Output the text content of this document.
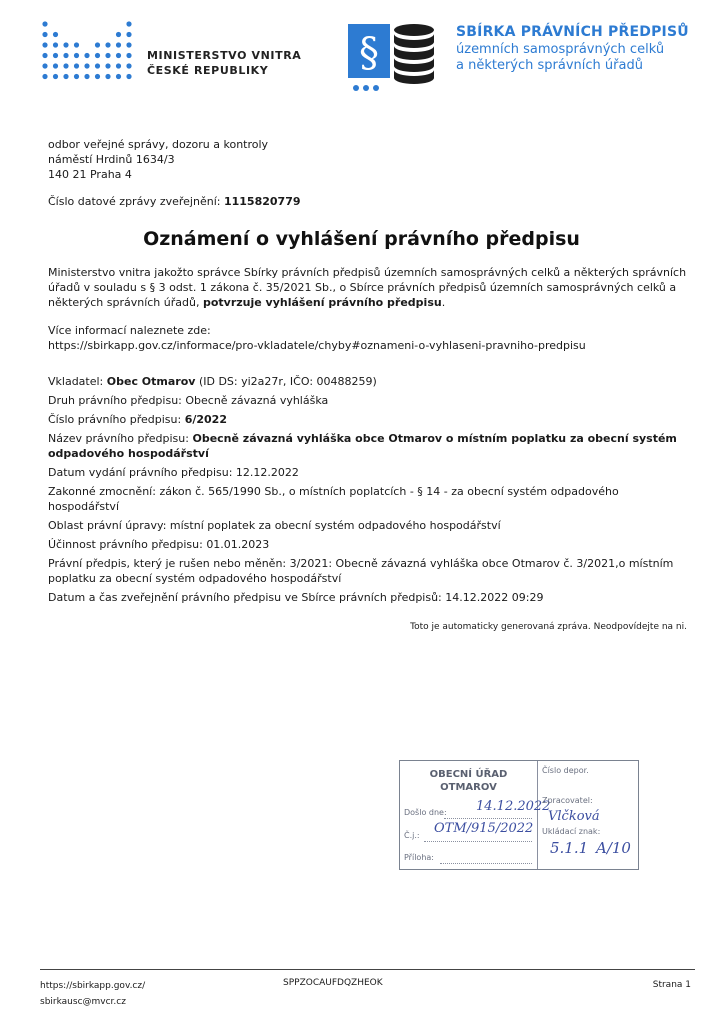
MINISTERSTVO VNITRA
ČESKÉ REPUBLIKY	§	SBÍRKA PRÁVNÍCH PŘEDPISŮ
územních samosprávných celků
a některých správních úřadů
odbor veřejné správy, dozoru a kontroly
náměstí Hrdinů 1634/3
140 21 Praha 4
Číslo datové zprávy zveřejnění: 1115820779
Oznámení o vyhlášení právního předpisu
Ministerstvo vnitra jakožto správce Sbírky právních předpisů územních samosprávných celků a některých správních úřadů v souladu s § 3 odst. 1 zákona č. 35/2021 Sb., o Sbírce právních předpisů územních samosprávných celků a některých správních úřadů, potvrzuje vyhlášení právního předpisu.
Více informací naleznete zde:
https://sbirkapp.gov.cz/informace/pro-vkladatele/chyby#oznameni-o-vyhlaseni-pravniho-predpisu
Vkladatel: Obec Otmarov (ID DS: yi2a27r, IČO: 00488259)
Druh právního předpisu: Obecně závazná vyhláška
Číslo právního předpisu: 6/2022
Název právního předpisu: Obecně závazná vyhláška obce Otmarov o místním poplatku za obecní systém odpadového hospodářství
Datum vydání právního předpisu: 12.12.2022
Zakonné zmocnění: zákon č. 565/1990 Sb., o místních poplatcích - § 14 - za obecní systém odpadového hospodářství
Oblast právní úpravy: místní poplatek za obecní systém odpadového hospodářství
Účinnost právního předpisu: 01.01.2023
Právní předpis, který je rušen nebo měněn: 3/2021: Obecně závazná vyhláška obce Otmarov č. 3/2021,o místním poplatku za obecní systém odpadového hospodářství
Datum a čas zveřejnění právního předpisu ve Sbírce právních předpisů: 14.12.2022 09:29
Toto je automaticky generovaná zpráva. Neodpovídejte na ni.
OBECNÍ ÚŘAD
OTMAROV
Došlo dne: 14.12.2022
Č.j.: OTM/915/2022
Příloha:
Číslo depor.
Zpracovatel:
Vlčková
Ukládací znak:
5.1.1 A/10
https://sbirkapp.gov.cz/
sbirkausc@mvcr.cz
SPPZOCAUFDQZHEOK	Strana 1
